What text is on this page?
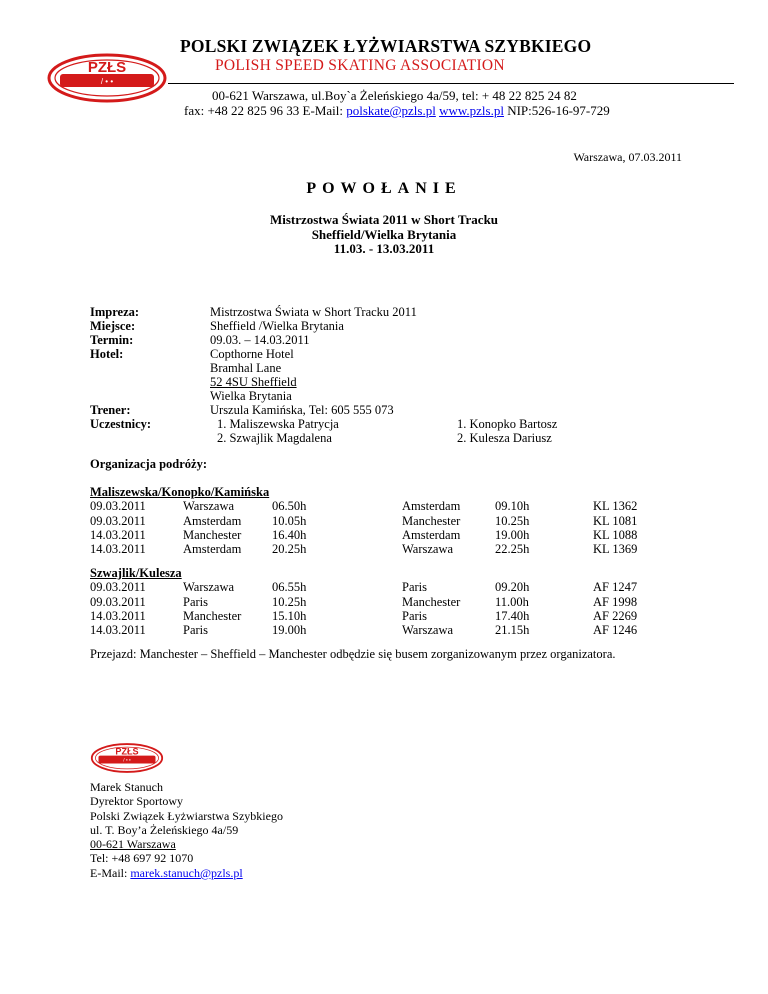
PZŁS
/ • •
POLSKI ZWIĄZEK ŁYŻWIARSTWA SZYBKIEGO
POLISH SPEED SKATING ASSOCIATION
00-621 Warszawa, ul.Boy`a Żeleńskiego 4a/59, tel: + 48 22 825 24 82
fax: +48 22 825 96 33 E-Mail: polskate@pzls.pl www.pzls.pl NIP:526-16-97-729
Warszawa, 07.03.2011
POWOŁANIE
Mistrzostwa Świata 2011 w Short Tracku
Sheffield/Wielka Brytania
11.03. - 13.03.2011
Impreza:	Mistrzostwa Świata w Short Tracku 2011
Miejsce:	Sheffield /Wielka Brytania
Termin:	09.03. – 14.03.2011
Hotel:	Copthorne Hotel
Bramhal Lane
52 4SU Sheffield
Wielka Brytania
Trener:	Urszula Kamińska, Tel: 605 555 073
Uczestnicy:	1. Maliszewska Patrycja
2. Szwajlik Magdalena
1. Konopko Bartosz
2. Kulesza Dariusz
Organizacja podróży:
Maliszewska/Konopko/Kamińska
09.03.2011	Warszawa	06.50h	Amsterdam	09.10h	KL 1362
09.03.2011	Amsterdam 10.05h	Manchester	10.25h	KL 1081
14.03.2011	Manchester 16.40h	Amsterdam	19.00h	KL 1088
14.03.2011	Amsterdam 20.25h	Warszawa	22.25h	KL 1369
Szwajlik/Kulesza
09.03.2011	Warszawa	06.55h	Paris	09.20h	AF 1247
09.03.2011	Paris	10.25h	Manchester	11.00h	AF 1998
14.03.2011	Manchester 15.10h	Paris	17.40h	AF 2269
14.03.2011	Paris	19.00h	Warszawa	21.15h	AF 1246
Przejazd: Manchester – Sheffield – Manchester odbędzie się busem zorganizowanym przez organizatora.
PZŁS
/ • •
Marek Stanuch
Dyrektor Sportowy
Polski Związek Łyżwiarstwa Szybkiego
ul. T. Boy’a Żeleńskiego 4a/59
00-621 Warszawa
Tel: +48 697 92 1070
E-Mail: marek.stanuch@pzls.pl
